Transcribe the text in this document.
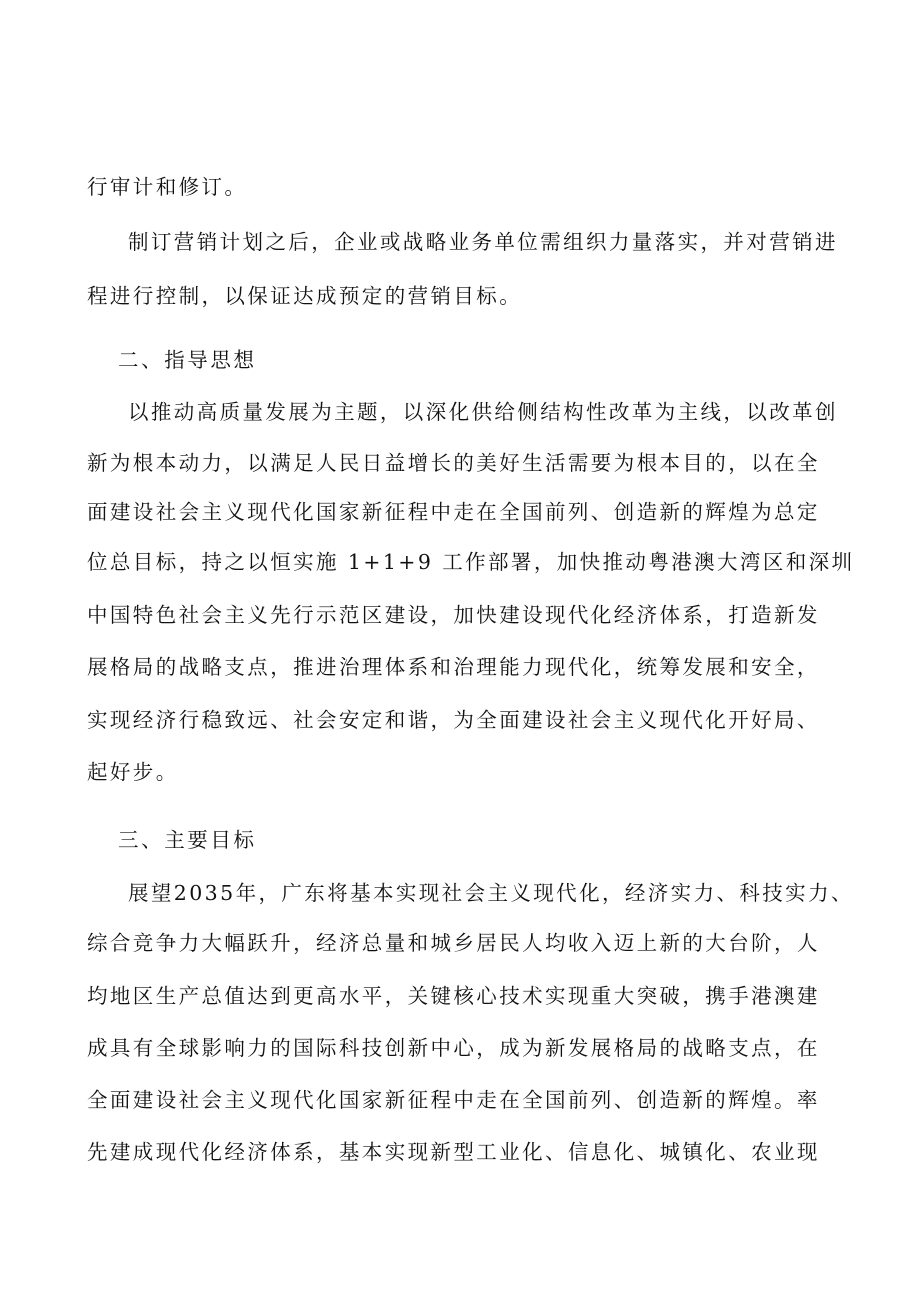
行审计和修订。
制订营销计划之后，企业或战略业务单位需组织力量落实，并对营销进
程进行控制，以保证达成预定的营销目标。
二、指导思想
以推动高质量发展为主题，以深化供给侧结构性改革为主线，以改革创
新为根本动力，以满足人民日益增长的美好生活需要为根本目的，以在全
面建设社会主义现代化国家新征程中走在全国前列、创造新的辉煌为总定
位总目标，持之以恒实施 1+1+9 工作部署，加快推动粤港澳大湾区和深圳
中国特色社会主义先行示范区建设，加快建设现代化经济体系，打造新发
展格局的战略支点，推进治理体系和治理能力现代化，统筹发展和安全，
实现经济行稳致远、社会安定和谐，为全面建设社会主义现代化开好局、
起好步。
三、主要目标
展望2035年，广东将基本实现社会主义现代化，经济实力、科技实力、
综合竞争力大幅跃升，经济总量和城乡居民人均收入迈上新的大台阶，人
均地区生产总值达到更高水平，关键核心技术实现重大突破，携手港澳建
成具有全球影响力的国际科技创新中心，成为新发展格局的战略支点，在
全面建设社会主义现代化国家新征程中走在全国前列、创造新的辉煌。率
先建成现代化经济体系，基本实现新型工业化、信息化、城镇化、农业现
